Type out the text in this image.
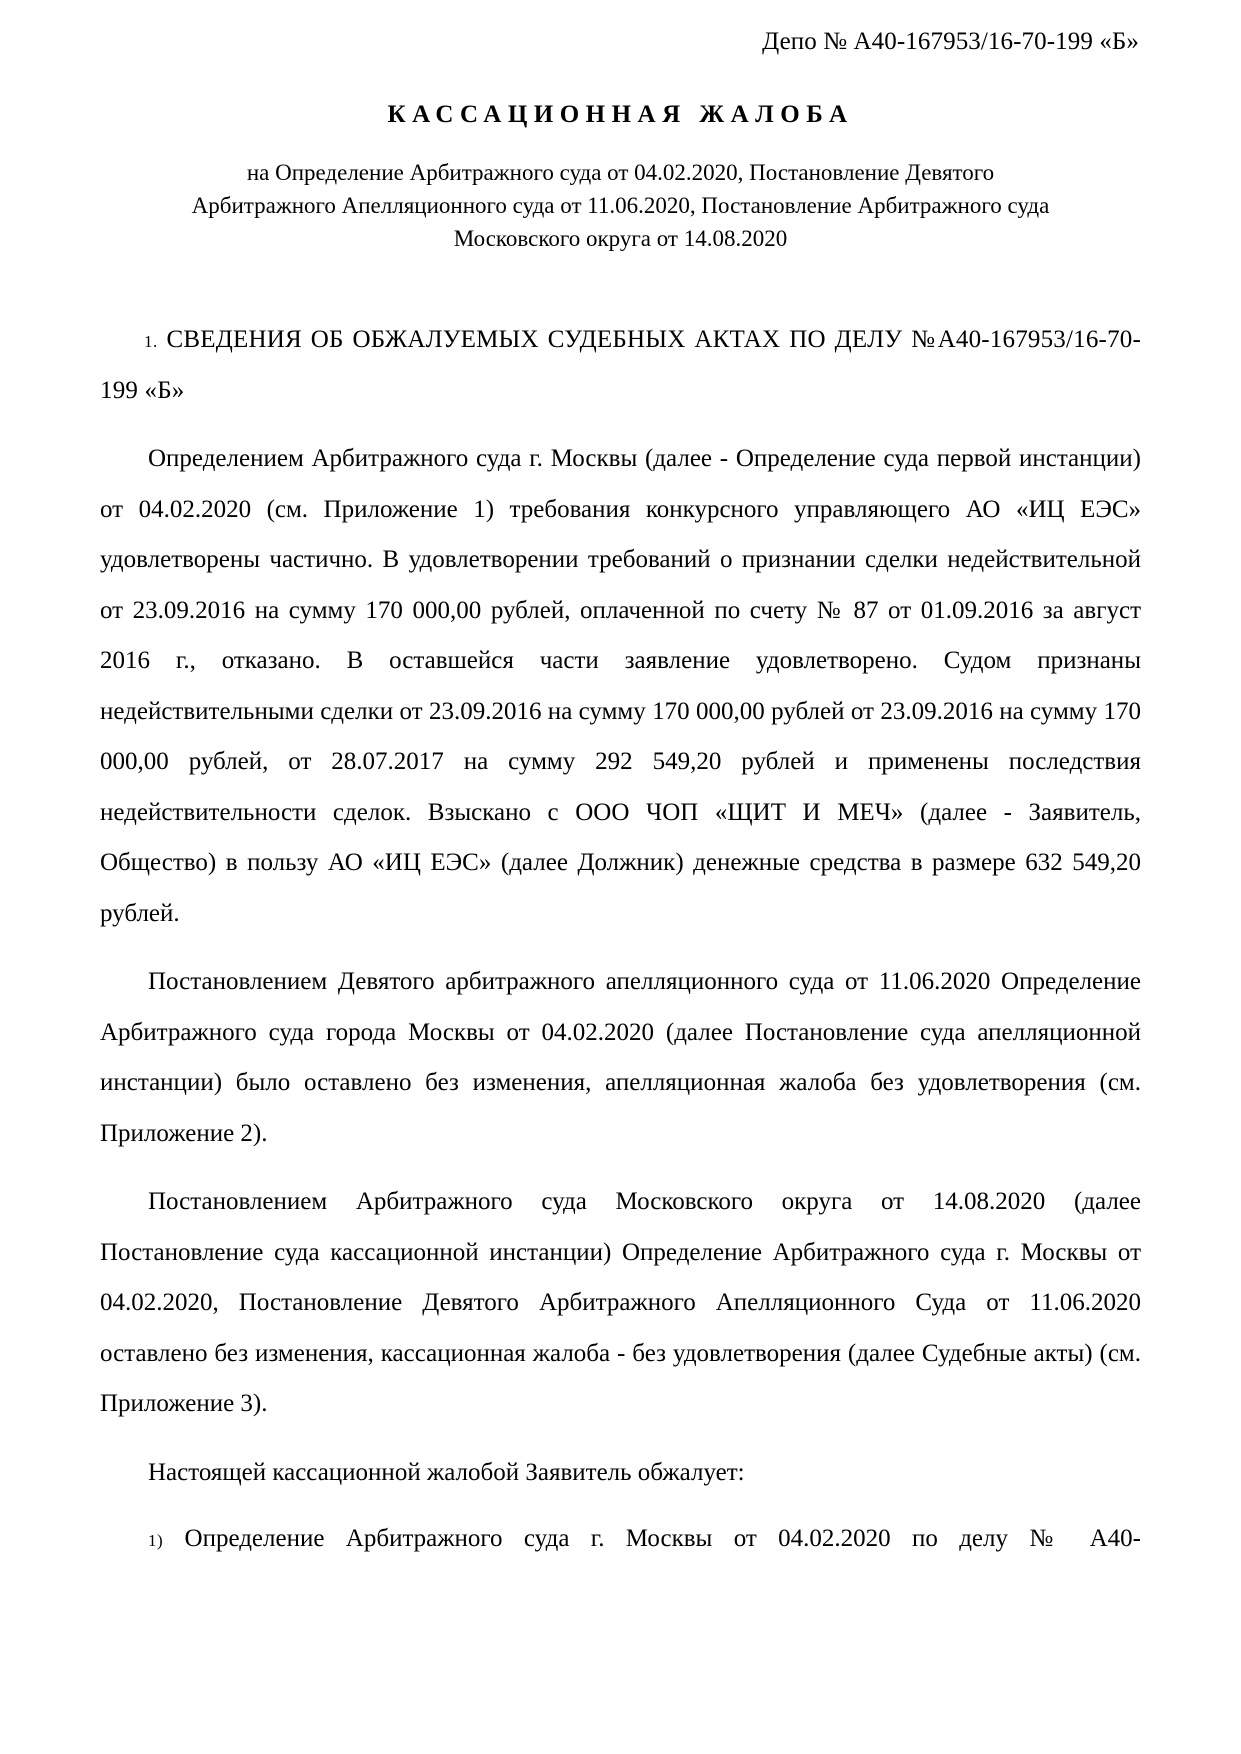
Депо № А40-167953/16-70-199 «Б»
КАССАЦИОННАЯ ЖАЛОБА
на Определение Арбитражного суда от 04.02.2020, Постановление Девятого Арбитражного Апелляционного суда от 11.06.2020, Постановление Арбитражного суда Московского округа от 14.08.2020
1. СВЕДЕНИЯ ОБ ОБЖАЛУЕМЫХ СУДЕБНЫХ АКТАХ ПО ДЕЛУ №А40-167953/16-70-199 «Б»

Определением Арбитражного суда г. Москвы (далее - Определение суда первой инстанции) от 04.02.2020 (см. Приложение 1) требования конкурсного управляющего АО «ИЦ ЕЭС» удовлетворены частично. В удовлетворении требований о признании сделки недействительной от 23.09.2016 на сумму 170 000,00 рублей, оплаченной по счету № 87 от 01.09.2016 за август 2016 г., отказано. В оставшейся части заявление удовлетворено. Судом признаны недействительными сделки от 23.09.2016 на сумму 170 000,00 рублей от 23.09.2016 на сумму 170 000,00 рублей, от 28.07.2017 на сумму 292 549,20 рублей и применены последствия недействительности сделок. Взыскано с ООО ЧОП «ЩИТ И МЕЧ» (далее - Заявитель, Общество) в пользу АО «ИЦ ЕЭС» (далее Должник) денежные средства в размере 632 549,20 рублей.

Постановлением Девятого арбитражного апелляционного суда от 11.06.2020 Определение Арбитражного суда города Москвы от 04.02.2020 (далее Постановление суда апелляционной инстанции) было оставлено без изменения, апелляционная жалоба без удовлетворения (см. Приложение 2).

Постановлением Арбитражного суда Московского округа от 14.08.2020 (далее Постановление суда кассационной инстанции) Определение Арбитражного суда г. Москвы от 04.02.2020, Постановление Девятого Арбитражного Апелляционного Суда от 11.06.2020 оставлено без изменения, кассационная жалоба - без удовлетворения (далее Судебные акты) (см. Приложение 3).

Настоящей кассационной жалобой Заявитель обжалует:

1) Определение Арбитражного суда г. Москвы от 04.02.2020 по делу № А40-
